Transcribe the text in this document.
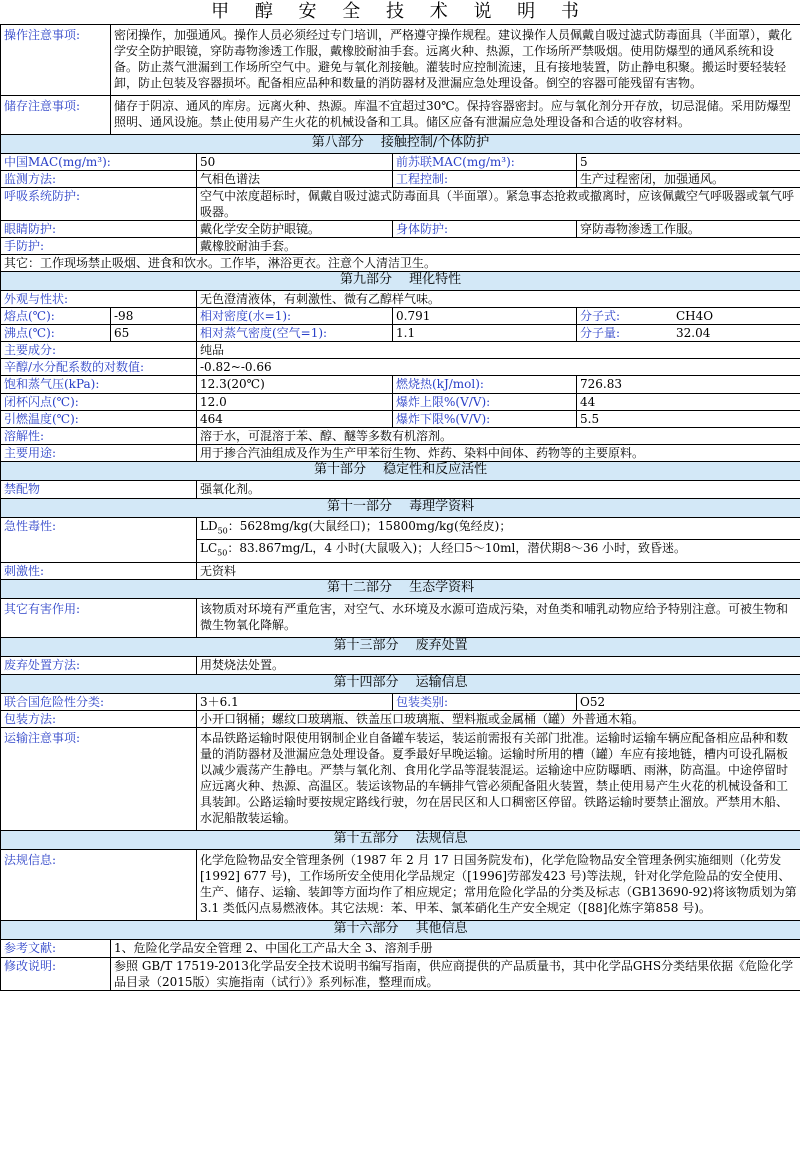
甲 醇 安 全 技 术 说 明 书
操作注意事项:	密闭操作，加强通风。操作人员必须经过专门培训，严格遵守操作规程。建议操作人员佩戴自吸过滤式防毒面具（半面罩），戴化学安全防护眼镜，穿防毒物渗透工作服，戴橡胶耐油手套。远离火种、热源，工作场所严禁吸烟。使用防爆型的通风系统和设备。防止蒸气泄漏到工作场所空气中。避免与氧化剂接触。灌装时应控制流速，且有接地装置，防止静电积聚。搬运时要轻装轻卸，防止包装及容器损坏。配备相应品种和数量的消防器材及泄漏应急处理设备。倒空的容器可能残留有害物。			
储存注意事项:	储存于阴凉、通风的库房。远离火种、热源。库温不宜超过30℃。保持容器密封。应与氧化剂分开存放，切忌混储。采用防爆型照明、通风设施。禁止使用易产生火花的机械设备和工具。储区应备有泄漏应急处理设备和合适的收容材料。			
第八部分　 接触控制/个体防护				
中国MAC(mg/m³):		50	前苏联MAC(mg/m³):	5
监测方法:		气相色谱法	工程控制:	生产过程密闭，加强通风。
呼吸系统防护:		空气中浓度超标时，佩戴自吸过滤式防毒面具（半面罩）。紧急事态抢救或撤离时，应该佩戴空气呼吸器或氧气呼吸器。		
眼睛防护:		戴化学安全防护眼镜。	身体防护:	穿防毒物渗透工作服。
手防护:		戴橡胶耐油手套。		
其它：工作现场禁止吸烟、进食和饮水。工作毕，淋浴更衣。注意个人清洁卫生。				
第九部分　 理化特性				
外观与性状:		无色澄清液体，有刺激性、微有乙醇样气味。		
熔点(℃):	-98	相对密度(水=1):	0.791	分子式: CH4O
沸点(℃):	65	相对蒸气密度(空气=1):	1.1	分子量: 32.04
主要成分:		纯品		
辛醇/水分配系数的对数值:		-0.82~-0.66		
饱和蒸气压(kPa):		12.3(20℃)	燃烧热(kJ/mol):	726.83
闭杯闪点(℃):		12.0	爆炸上限%(V/V):	44
引燃温度(℃):		464	爆炸下限%(V/V):	5.5
溶解性:		溶于水，可混溶于苯、醇、醚等多数有机溶剂。		
主要用途:		用于掺合汽油组成及作为生产甲苯衍生物、炸药、染料中间体、药物等的主要原料。		
第十部分　 稳定性和反应活性				
禁配物		强氧化剂。		
第十一部分　 毒理学资料				
急性毒性:		$LD_{50}$：5628mg/kg(大鼠经口)；15800mg/kg(兔经皮)；		
		$LC_{50}$：83.867mg/L，4 小时(大鼠吸入)；人经口5～10ml，潜伏期8～36 小时，致昏迷。		
刺激性:		无资料		
第十二部分　 生态学资料				
其它有害作用:		该物质对环境有严重危害，对空气、水环境及水源可造成污染，对鱼类和哺乳动物应给予特别注意。可被生物和微生物氧化降解。		
第十三部分　 废弃处置				
废弃处置方法:		用焚烧法处置。		
第十四部分　 运输信息				
联合国危险性分类:		3＋6.1	包装类别:	O52
包装方法:		小开口钢桶；螺纹口玻璃瓶、铁盖压口玻璃瓶、塑料瓶或金属桶（罐）外普通木箱。		
运输注意事项:		本品铁路运输时限使用钢制企业自备罐车装运，装运前需报有关部门批准。运输时运输车辆应配备相应品种和数量的消防器材及泄漏应急处理设备。夏季最好早晚运输。运输时所用的槽（罐）车应有接地链，槽内可设孔隔板以减少震荡产生静电。严禁与氧化剂、食用化学品等混装混运。运输途中应防曝晒、雨淋，防高温。中途停留时应远离火种、热源、高温区。装运该物品的车辆排气管必须配备阻火装置，禁止使用易产生火花的机械设备和工具装卸。公路运输时要按规定路线行驶，勿在居民区和人口稠密区停留。铁路运输时要禁止溜放。严禁用木船、水泥船散装运输。		
第十五部分　 法规信息				
法规信息:		化学危险物品安全管理条例（1987 年 2 月 17 日国务院发布)，化学危险物品安全管理条例实施细则（化劳发[1992] 677 号)，工作场所安全使用化学品规定（[1996]劳部发423 号)等法规，针对化学危险品的安全使用、生产、储存、运输、装卸等方面均作了相应规定；常用危险化学品的分类及标志（GB13690-92)将该物质划为第3.1 类低闪点易燃液体。其它法规：苯、甲苯、氯苯硝化生产安全规定（[88]化炼字第858 号)。		
第十六部分　 其他信息				
参考文献:	1、危险化学品安全管理 2、中国化工产品大全 3、溶剂手册			
修改说明:	参照 GB/T 17519-2013化学品安全技术说明书编写指南，供应商提供的产品质量书，其中化学品GHS分类结果依据《危险化学品目录（2015版）实施指南（试行）》系列标准，整理而成。			
